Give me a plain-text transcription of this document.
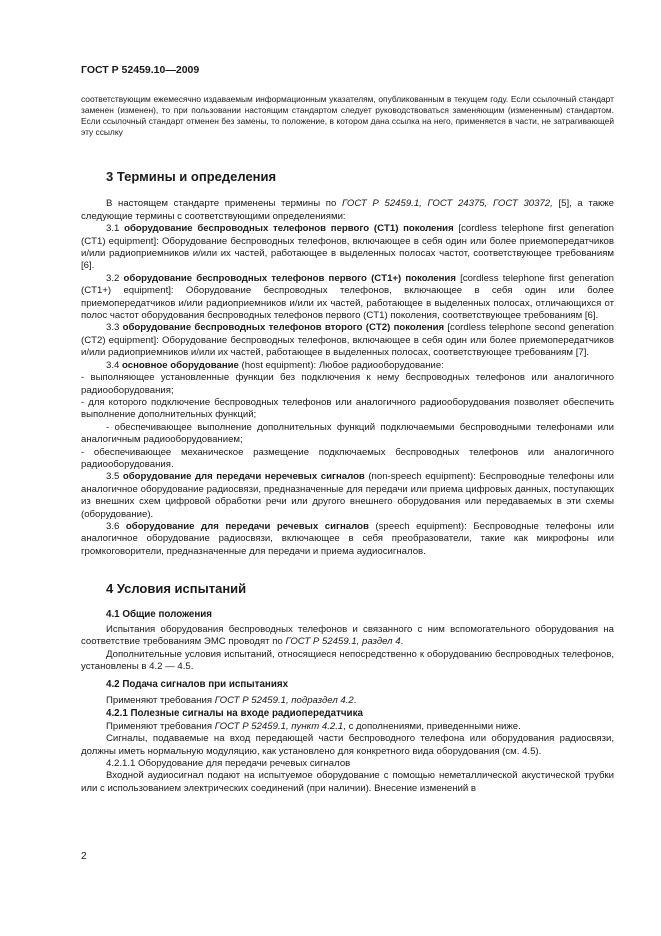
ГОСТ Р 52459.10—2009

соответствующим ежемесячно издаваемым информационным указателям, опубликованным в текущем году. Если ссылочный стандарт заменен (изменен), то при пользовании настоящим стандартом следует руководствоваться заменяющим (измененным) стандартом. Если ссылочный стандарт отменен без замены, то положение, в котором дана ссылка на него, применяется в части, не затрагивающей эту ссылку

3 Термины и определения

В настоящем стандарте применены термины по ГОСТ Р 52459.1, ГОСТ 24375, ГОСТ 30372, [5], а также следующие термины с соответствующими определениями:

3.1 оборудование беспроводных телефонов первого (CT1) поколения [cordless telephone first generation (CT1) equipment]: Оборудование беспроводных телефонов, включающее в себя один или более приемопередатчиков и/или радиоприемников и/или их частей, работающее в выделенных полосах частот, соответствующее требованиям [6].

3.2 оборудование беспроводных телефонов первого (CT1+) поколения [cordless telephone first generation (CT1+) equipment]: Оборудование беспроводных телефонов, включающее в себя один или более приемопередатчиков и/или радиоприемников и/или их частей, работающее в выделенных полосах, отличающихся от полос частот оборудования беспроводных телефонов первого (CT1) поколения, соответствующее требованиям [6].

3.3 оборудование беспроводных телефонов второго (CT2) поколения [cordless telephone second generation (CT2) equipment]: Оборудование беспроводных телефонов, включающее в себя один или более приемопередатчиков и/или радиоприемников и/или их частей, работающее в выделенных полосах, соответствующее требованиям [7].

3.4 основное оборудование (host equipment): Любое радиооборудование:

- выполняющее установленные функции без подключения к нему беспроводных телефонов или аналогичного радиооборудования;

- для которого подключение беспроводных телефонов или аналогичного радиооборудования позволяет обеспечить выполнение дополнительных функций;

- обеспечивающее выполнение дополнительных функций подключаемыми беспроводными телефонами или аналогичным радиооборудованием;

- обеспечивающее механическое размещение подключаемых беспроводных телефонов или аналогичного радиооборудования.

3.5 оборудование для передачи неречевых сигналов (non-speech equipment): Беспроводные телефоны или аналогичное оборудование радиосвязи, предназначенные для передачи или приема цифровых данных, поступающих из внешних схем цифровой обработки речи или другого внешнего оборудования или передаваемых в эти схемы (оборудование).

3.6 оборудование для передачи речевых сигналов (speech equipment): Беспроводные телефоны или аналогичное оборудование радиосвязи, включающее в себя преобразователи, такие как микрофоны или громкоговорители, предназначенные для передачи и приема аудиосигналов.

4 Условия испытаний
4.1 Общие положения

Испытания оборудования беспроводных телефонов и связанного с ним вспомогательного оборудования на соответствие требованиям ЭМС проводят по ГОСТ Р 52459.1, раздел 4.

Дополнительные условия испытаний, относящиеся непосредственно к оборудованию беспроводных телефонов, установлены в 4.2 — 4.5.

4.2 Подача сигналов при испытаниях

Применяют требования ГОСТ Р 52459.1, подраздел 4.2.

4.2.1 Полезные сигналы на входе радиопередатчика

Применяют требования ГОСТ Р 52459.1, пункт 4.2.1, с дополнениями, приведенными ниже.

Сигналы, подаваемые на вход передающей части беспроводного телефона или оборудования радиосвязи, должны иметь нормальную модуляцию, как установлено для конкретного вида оборудования (см. 4.5).

4.2.1.1 Оборудование для передачи речевых сигналов

Входной аудиосигнал подают на испытуемое оборудование с помощью неметаллической акустической трубки или с использованием электрических соединений (при наличии). Внесение изменений в

2
